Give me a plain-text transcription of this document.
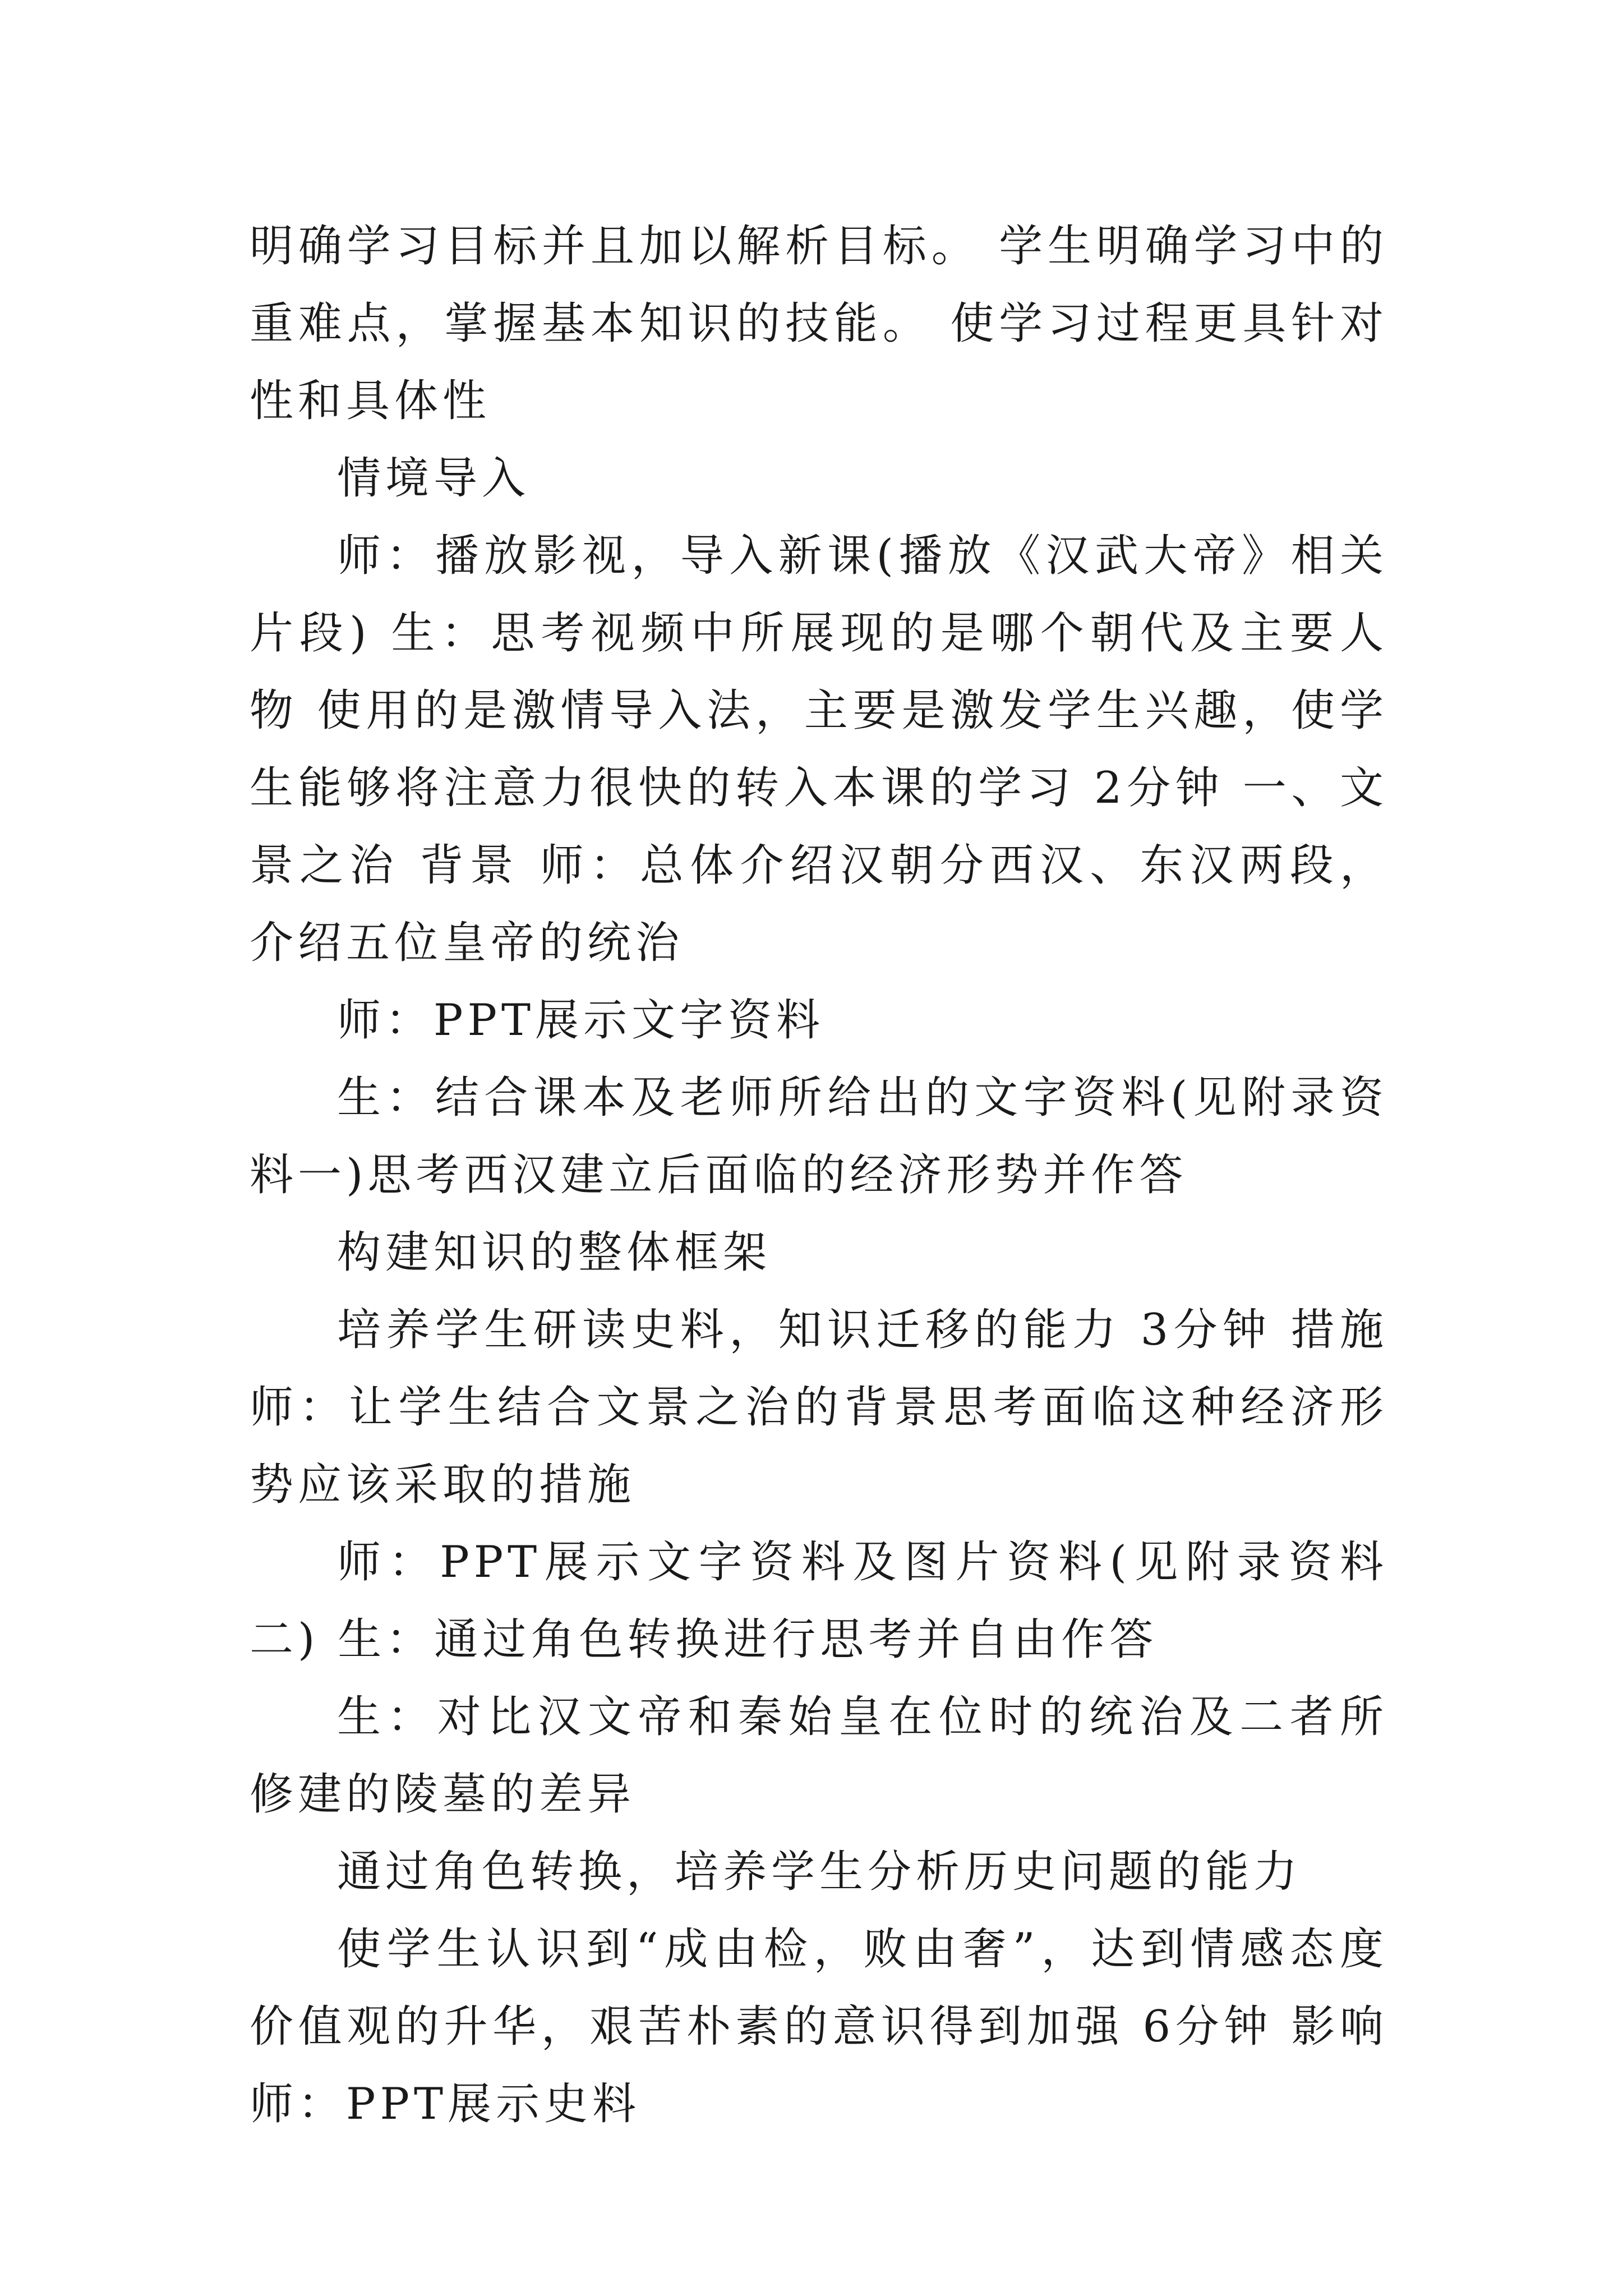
明确学习目标并且加以解析目标。 学生明确学习中的重难点，掌握基本知识的技能。 使学习过程更具针对性和具体性

情境导入

师：播放影视，导入新课(播放《汉武大帝》相关片段) 生：思考视频中所展现的是哪个朝代及主要人物 使用的是激情导入法，主要是激发学生兴趣，使学生能够将注意力很快的转入本课的学习 2分钟 一、文景之治 背景 师：总体介绍汉朝分西汉、东汉两段，介绍五位皇帝的统治

师：PPT展示文字资料

生：结合课本及老师所给出的文字资料(见附录资料一)思考西汉建立后面临的经济形势并作答

构建知识的整体框架

培养学生研读史料，知识迁移的能力 3分钟 措施 师：让学生结合文景之治的背景思考面临这种经济形势应该采取的措施

师：PPT展示文字资料及图片资料(见附录资料二) 生：通过角色转换进行思考并自由作答

生：对比汉文帝和秦始皇在位时的统治及二者所修建的陵墓的差异

通过角色转换，培养学生分析历史问题的能力

使学生认识到“成由检，败由奢”，达到情感态度价值观的升华，艰苦朴素的意识得到加强 6分钟 影响 师：PPT展示史料
